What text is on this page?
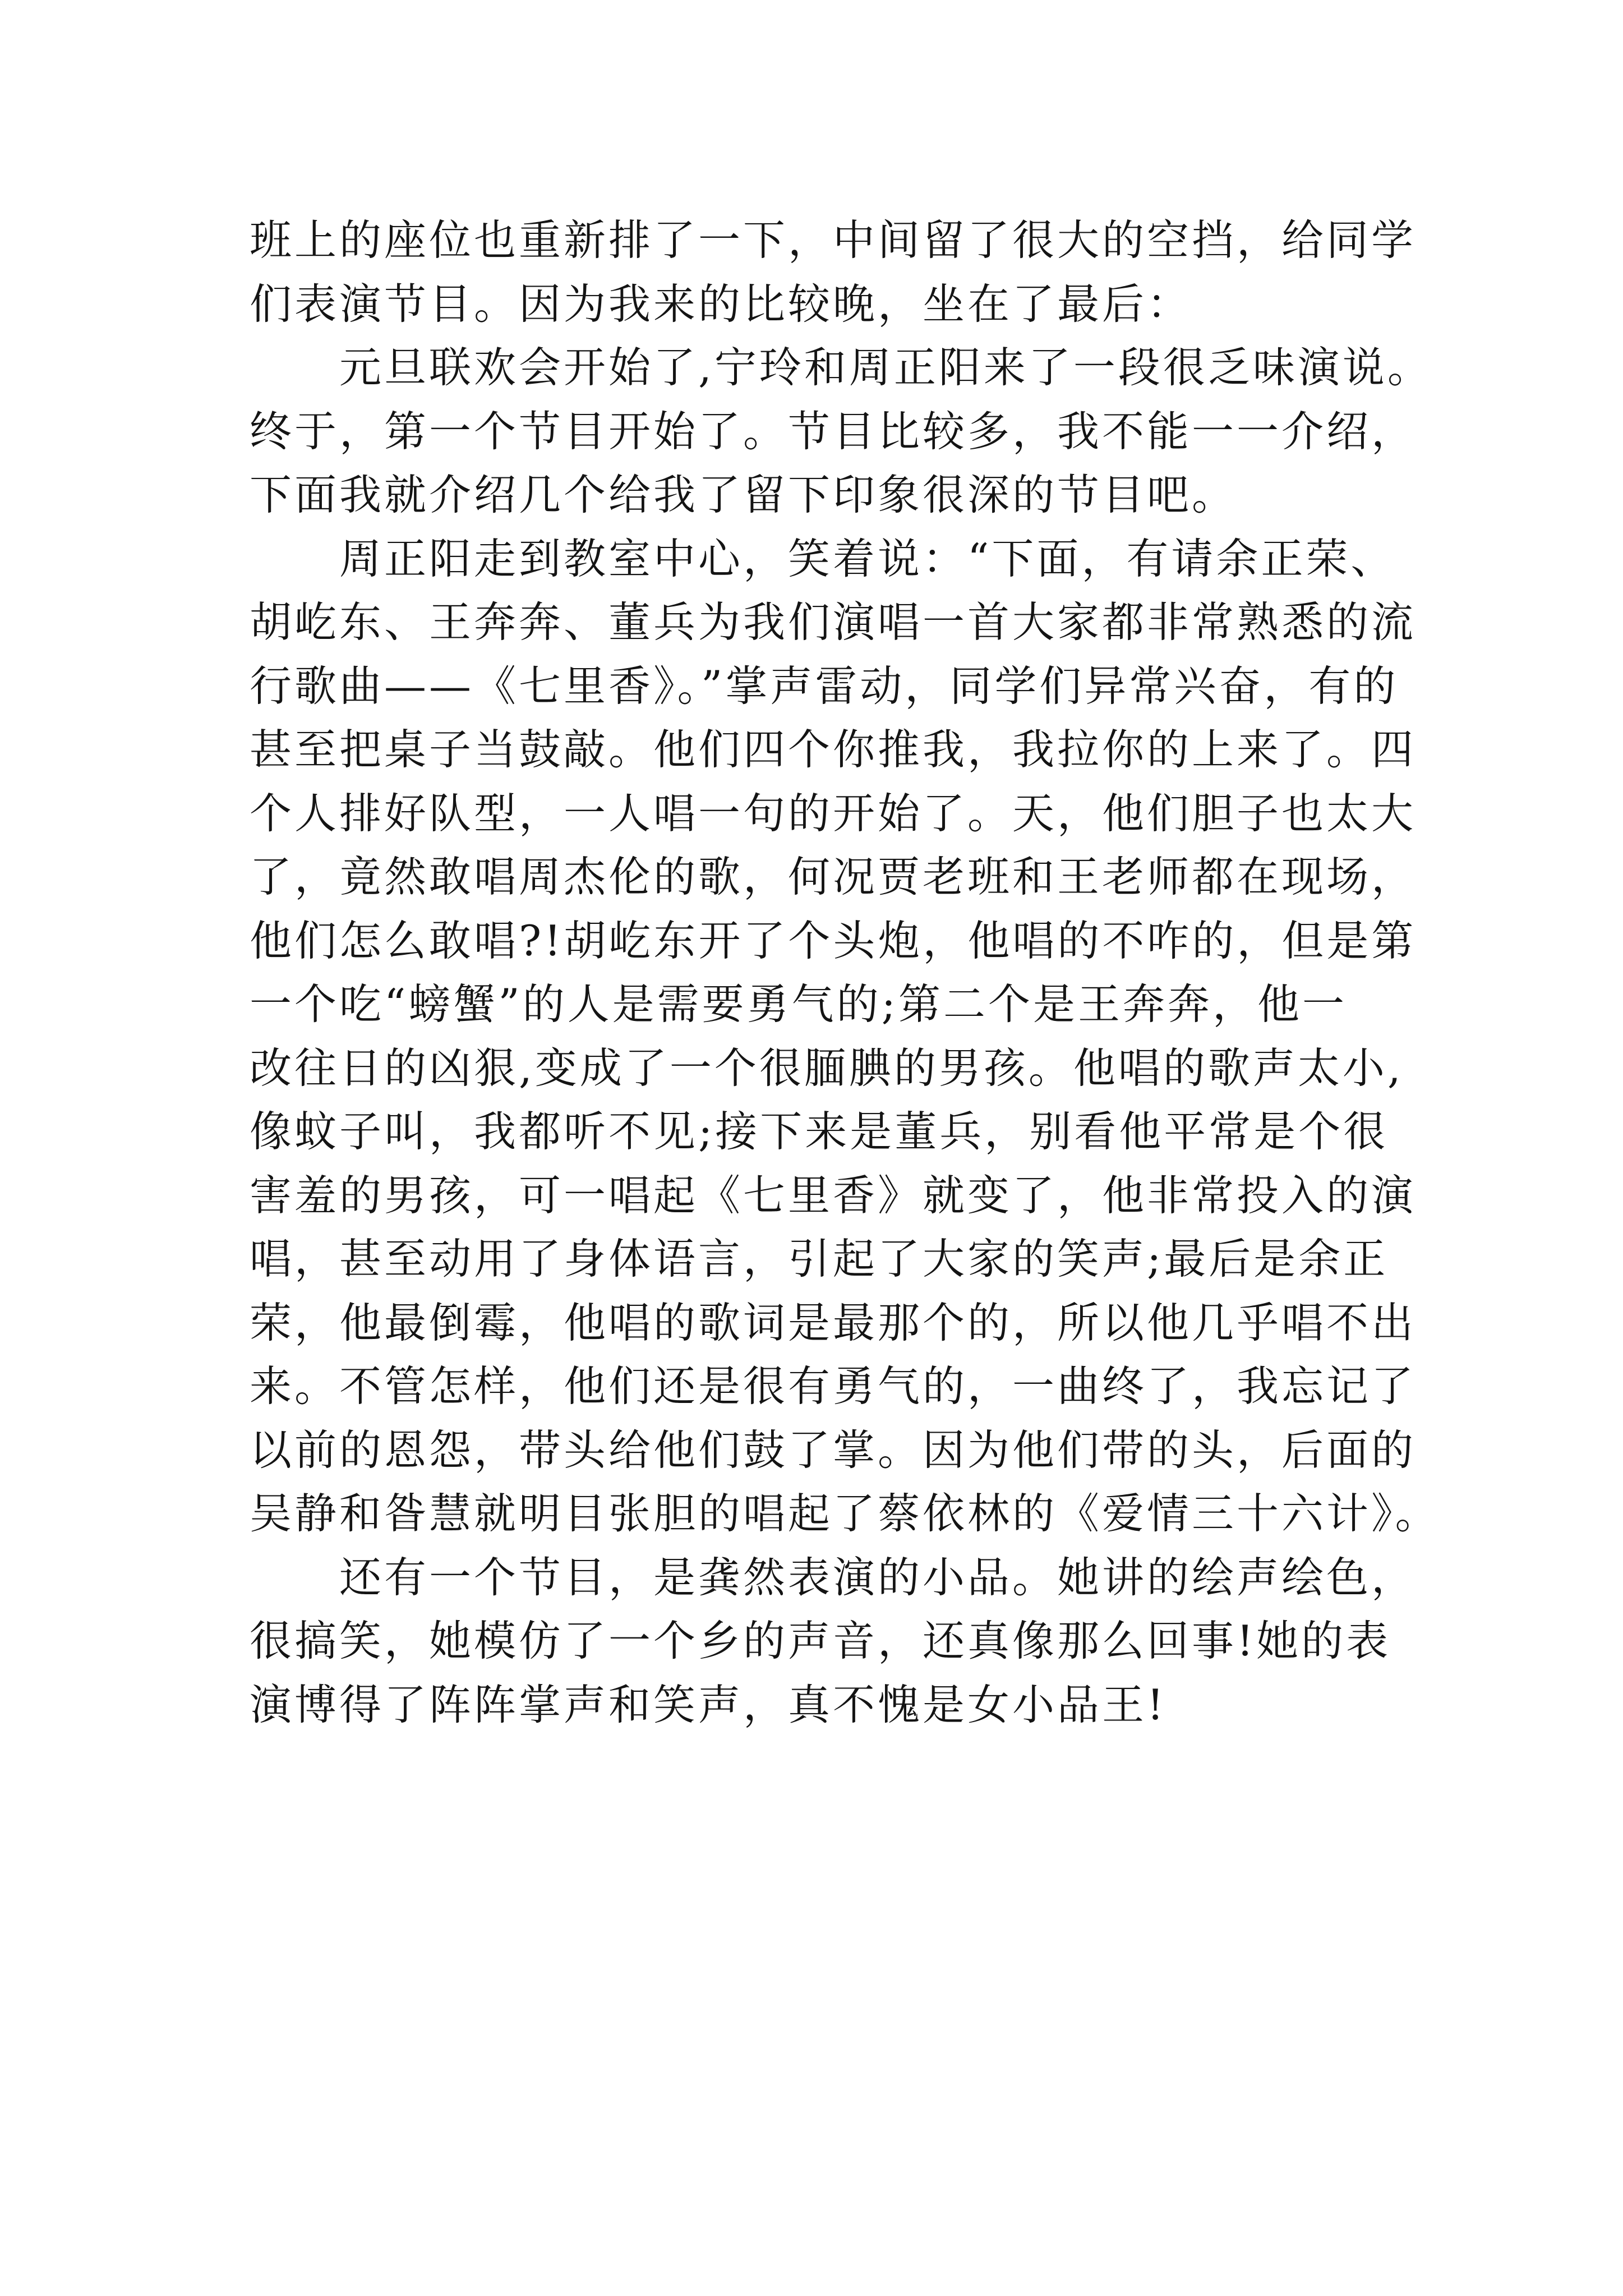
班上的座位也重新排了一下，中间留了很大的空挡，给同学
们表演节目。因为我来的比较晚，坐在了最后：
元旦联欢会开始了,宁玲和周正阳来了一段很乏味演说。
终于，第一个节目开始了。节目比较多，我不能一一介绍，
下面我就介绍几个给我了留下印象很深的节目吧。
周正阳走到教室中心，笑着说：“下面，有请余正荣、
胡屹东、王奔奔、董兵为我们演唱一首大家都非常熟悉的流
行歌曲——《七里香》。”掌声雷动，同学们异常兴奋，有的
甚至把桌子当鼓敲。他们四个你推我，我拉你的上来了。四
个人排好队型，一人唱一句的开始了。天，他们胆子也太大
了，竟然敢唱周杰伦的歌，何况贾老班和王老师都在现场，
他们怎么敢唱?!胡屹东开了个头炮，他唱的不咋的，但是第
一个吃“螃蟹”的人是需要勇气的;第二个是王奔奔，他一
改往日的凶狠,变成了一个很腼腆的男孩。他唱的歌声太小,
像蚊子叫，我都听不见;接下来是董兵，别看他平常是个很
害羞的男孩，可一唱起《七里香》就变了，他非常投入的演
唱，甚至动用了身体语言，引起了大家的笑声;最后是余正
荣，他最倒霉，他唱的歌词是最那个的，所以他几乎唱不出
来。不管怎样，他们还是很有勇气的，一曲终了，我忘记了
以前的恩怨，带头给他们鼓了掌。因为他们带的头，后面的
吴静和昝慧就明目张胆的唱起了蔡依林的《爱情三十六计》。
还有一个节目，是龚然表演的小品。她讲的绘声绘色，
很搞笑，她模仿了一个乡的声音，还真像那么回事!她的表
演博得了阵阵掌声和笑声，真不愧是女小品王!
